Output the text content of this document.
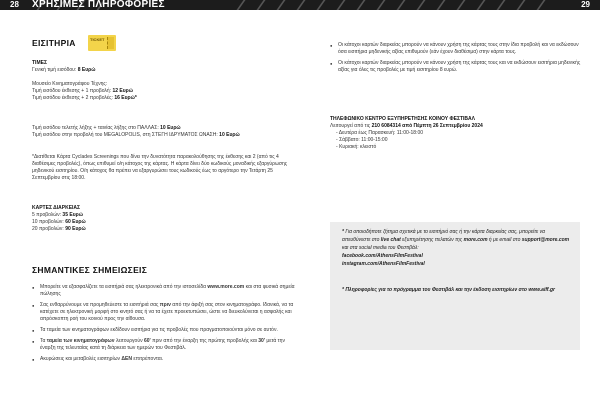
28 ΧΡΗΣΙΜΕΣ ΠΛΗΡΟΦΟΡΙΕΣ	29
ΕΙΣΙΤΗΡΙΑ	TICKET
ΤΙΜΕΣ
Γενική τιμή εισόδου: 8 Ευρώ
Μουσείο Κινηματογράφου Τέχνης:
Τιμή εισόδου έκθεσης + 1 προβολή: 12 Ευρώ
Τιμή εισόδου έκθεσης + 2 προβολές: 16 Ευρώ*
Τιμή εισόδου τελετής λήξης + ταινίας λήξης στο ΠΑΛΛΑΣ: 10 Ευρώ
Τιμή εισόδου στην προβολή του MEGALOPOLIS, στη ΣΤΕΓΗ ΙΔΡΥΜΑΤΟΣ ΩΝΑΣΗ: 10 Ευρώ
*Διατίθεται Κάρτα Cyclades Screenings που δίνει την δυνατότητα παρακολούθησης της έκθεσης και 2 (από τις 4 διαθέσιμες προβολές), όπως επιθυμεί ο/η κάτοχος της κάρτας. Η κάρτα δίνει δύο κωδικούς μοναδικής εξαργύρωσης μηδενικού εισιτηρίου. Ο/η κάτοχος θα πρέπει να εξαργυρώσει τους κωδικούς έως το αργότερο την Τετάρτη 25 Σεπτεμβρίου στις 18:00.
ΚΑΡΤΕΣ ΔΙΑΡΚΕΙΑΣ
5 προβολών: 35 Ευρώ
10 προβολών: 60 Ευρώ
20 προβολών: 90 Ευρώ
ΣΗΜΑΝΤΙΚΕΣ ΣΗΜΕΙΩΣΕΙΣ
● Μπορείτε να εξασφαλίζετε τα εισιτήριά σας ηλεκτρονικά από την ιστοσελίδα www.more.com και στα φυσικά σημεία πώλησης
● Σας ενθαρρύνουμε να προμηθεύεστε τα εισιτήριά σας πριν από την άφιξή σας στον κινηματογράφο. Ιδανικά, να τα κατέχετε σε ηλεκτρονική μορφή στο κινητό σας ή να τα έχετε προεκτυπώσει, ώστε να διευκολύνεται η ασφαλής και απρόσκοπτη ροή του κοινού προς την αίθουσα.
● Τα ταμεία των κινηματογράφων εκδίδουν εισιτήρια για τις προβολές που πραγματοποιούνται μόνο σε αυτόν.
● Τα ταμεία των κινηματογράφων λειτουργούν 60' πριν από την έναρξη της πρώτης προβολής και 30' μετά την έναρξη της τελευταίας κατά τη διάρκεια των ημερών του Φεστιβάλ.
● Ακυρώσεις και μεταβολές εισιτηρίων ΔΕΝ επιτρέπονται.
● Οι κάτοχοι καρτών διαρκείας μπορούν να κάνουν χρήση της κάρτας τους στην ίδια προβολή και να εκδώσουν όσα εισιτήρια μηδενικής αξίας επιθυμούν (εάν έχουν διαθέσιμα) στην κάρτα τους.
● Οι κάτοχοι καρτών διαρκείας μπορούν να κάνουν χρήση της κάρτας τους και να εκδώσουν εισιτήρια μηδενικής αξίας για όλες τις προβολές με τιμή εισιτηρίου 8 ευρώ.
ΤΗΛΕΦΩΝΙΚΟ ΚΕΝΤΡΟ ΕΞΥΠΗΡΕΤΗΣΗΣ ΚΟΙΝΟΥ ΦΕΣΤΙΒΑΛ
Λειτουργεί από τις 210 6084314 από Πέμπτη 26 Σεπτεμβρίου 2024
- Δευτέρα έως Παρασκευή: 11:00-18:00
- Σάββατο: 11:00-15:00
- Κυριακή: κλειστό
* Για οποιοδήποτε ζήτημα σχετικά με το εισιτήριό σας ή την κάρτα διαρκείας σας, μπορείτε να απευθύνεστε στο live chat εξυπηρέτησης πελατών της more.com ή με email στο support@more.com και στα social media του Φεστιβάλ:
facebook.com/AthensFilmFestival
instagram.com/AthensFilmFestival
* Πληροφορίες για το πρόγραμμα του Φεστιβάλ και την έκδοση εισιτηρίων στο www.aiff.gr
